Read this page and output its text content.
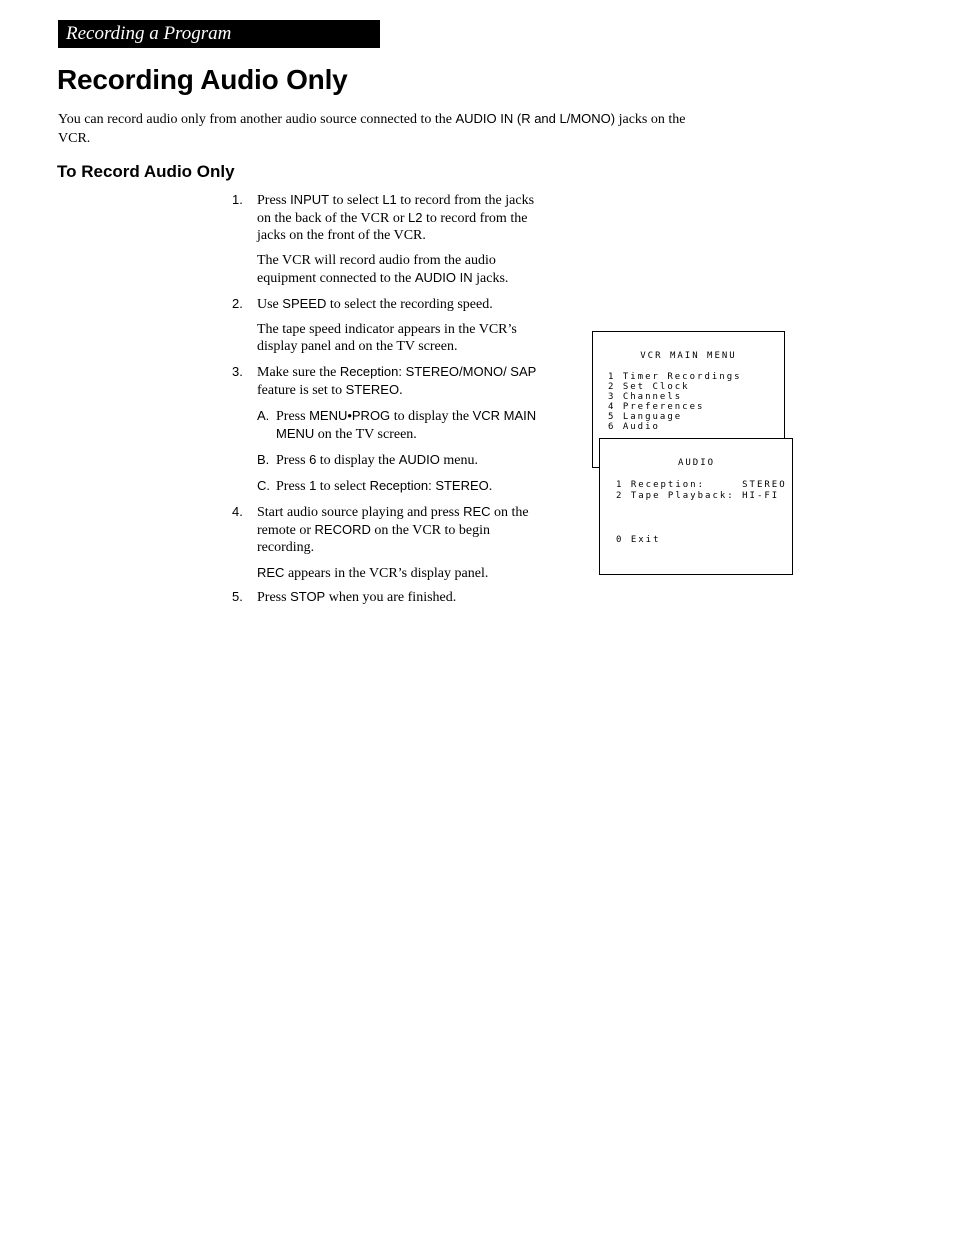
Recording a Program
Recording Audio Only

You can record audio only from another audio source connected to the AUDIO IN (R and L/MONO) jacks on the VCR.

To Record Audio Only
1. Press INPUT to select L1 to record from the jacks on the back of the VCR or L2 to record from the jacks on the front of the VCR.

The VCR will record audio from the audio equipment connected to the AUDIO IN jacks.

2. Use SPEED to select the recording speed.

The tape speed indicator appears in the VCR’s display panel and on the TV screen.

3. Make sure the Reception: STEREO/MONO/ SAP feature is set to STEREO.

A. Press MENU•PROG to display the VCR MAIN MENU on the TV screen.

B. Press 6 to display the AUDIO menu.

C. Press 1 to select Reception: STEREO.

4. Start audio source playing and press REC on the remote or RECORD on the VCR to begin recording.

REC appears in the VCR’s display panel.

5. Press STOP when you are finished.

VCR MAIN MENU
1 Timer Recordings
2 Set Clock
3 Channels
4 Preferences
5 Language
6 Audio
AUDIO
1 Reception:     STEREO
2 Tape Playback: HI-FI
0 Exit
